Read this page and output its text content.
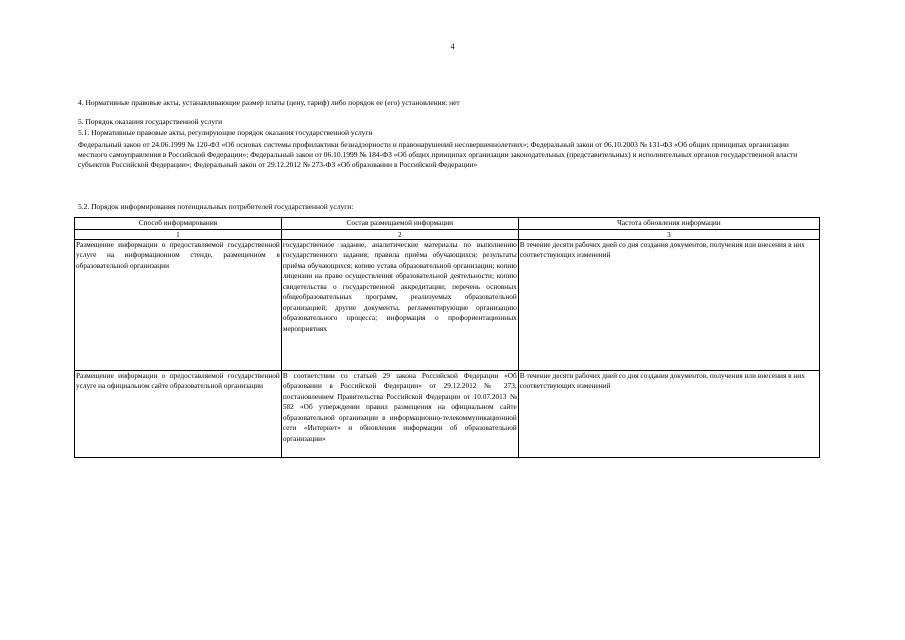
4
4. Нормативные правовые акты, устанавливающие размер платы (цену, тариф) либо порядок ее (его) установления: нет
5. Порядок оказания государственной услуги
5.1. Нормативные правовые акты, регулирующие порядок оказания государственной услуги
Федеральный закон от 24.06.1999 № 120-ФЗ «Об основах системы профилактики безнадзорности и правонарушений несовершеннолетних»; Федеральный закон от 06.10.2003 № 131-ФЗ «Об общих принципах организации местного самоуправления в Российской Федерации»; Федеральный закон от 06.10.1999 № 184-ФЗ «Об общих принципах организации законодательных (представительных) и исполнительных органов государственной власти субъектов Российской Федерации»; Федеральный закон от 29.12.2012 № 273-ФЗ «Об образовании в Российской Федерации»
5.2. Порядок информирования потенциальных потребителей государственной услуги:
Способ информирования	Состав размещаемой информации	Частота обновления информации
1	2	3
Размещение информации о предоставляемой государственной услуге на информационном стенде, размещенном в образовательной организации	государственное задание, аналитические материалы по выполнению государственного задания; правила приёма обучающихся; результаты приёма обучающихся; копию устава образовательной организации; копию лицензии на право осуществления образовательной деятельности; копию свидетельства о государственной аккредитации; перечень основных общеобразовательных программ, реализуемых образовательной организацией; другие документы, регламентирующие организацию образовательного процесса; информация о профориентационных мероприятиях	В течение десяти рабочих дней со дня создания документов, получения или внесения в них соответствующих изменений
Размещение информации о предоставляемой государственной услуге на официальном сайте образовательной организации	В соответствии со статьей 29 закона Российской Федерации «Об образовании в Российской Федерации» от 29.12.2012 № 273, постановлением Правительства Российской Федерации от 10.07.2013 № 582 «Об утверждении правил размещения на официальном сайте образовательной организации в информационно-телекоммуникационной сети «Интернет» и обновления информации об образовательной организации»	В течение десяти рабочих дней со дня создания документов, получения или внесения в них соответствующих изменений
